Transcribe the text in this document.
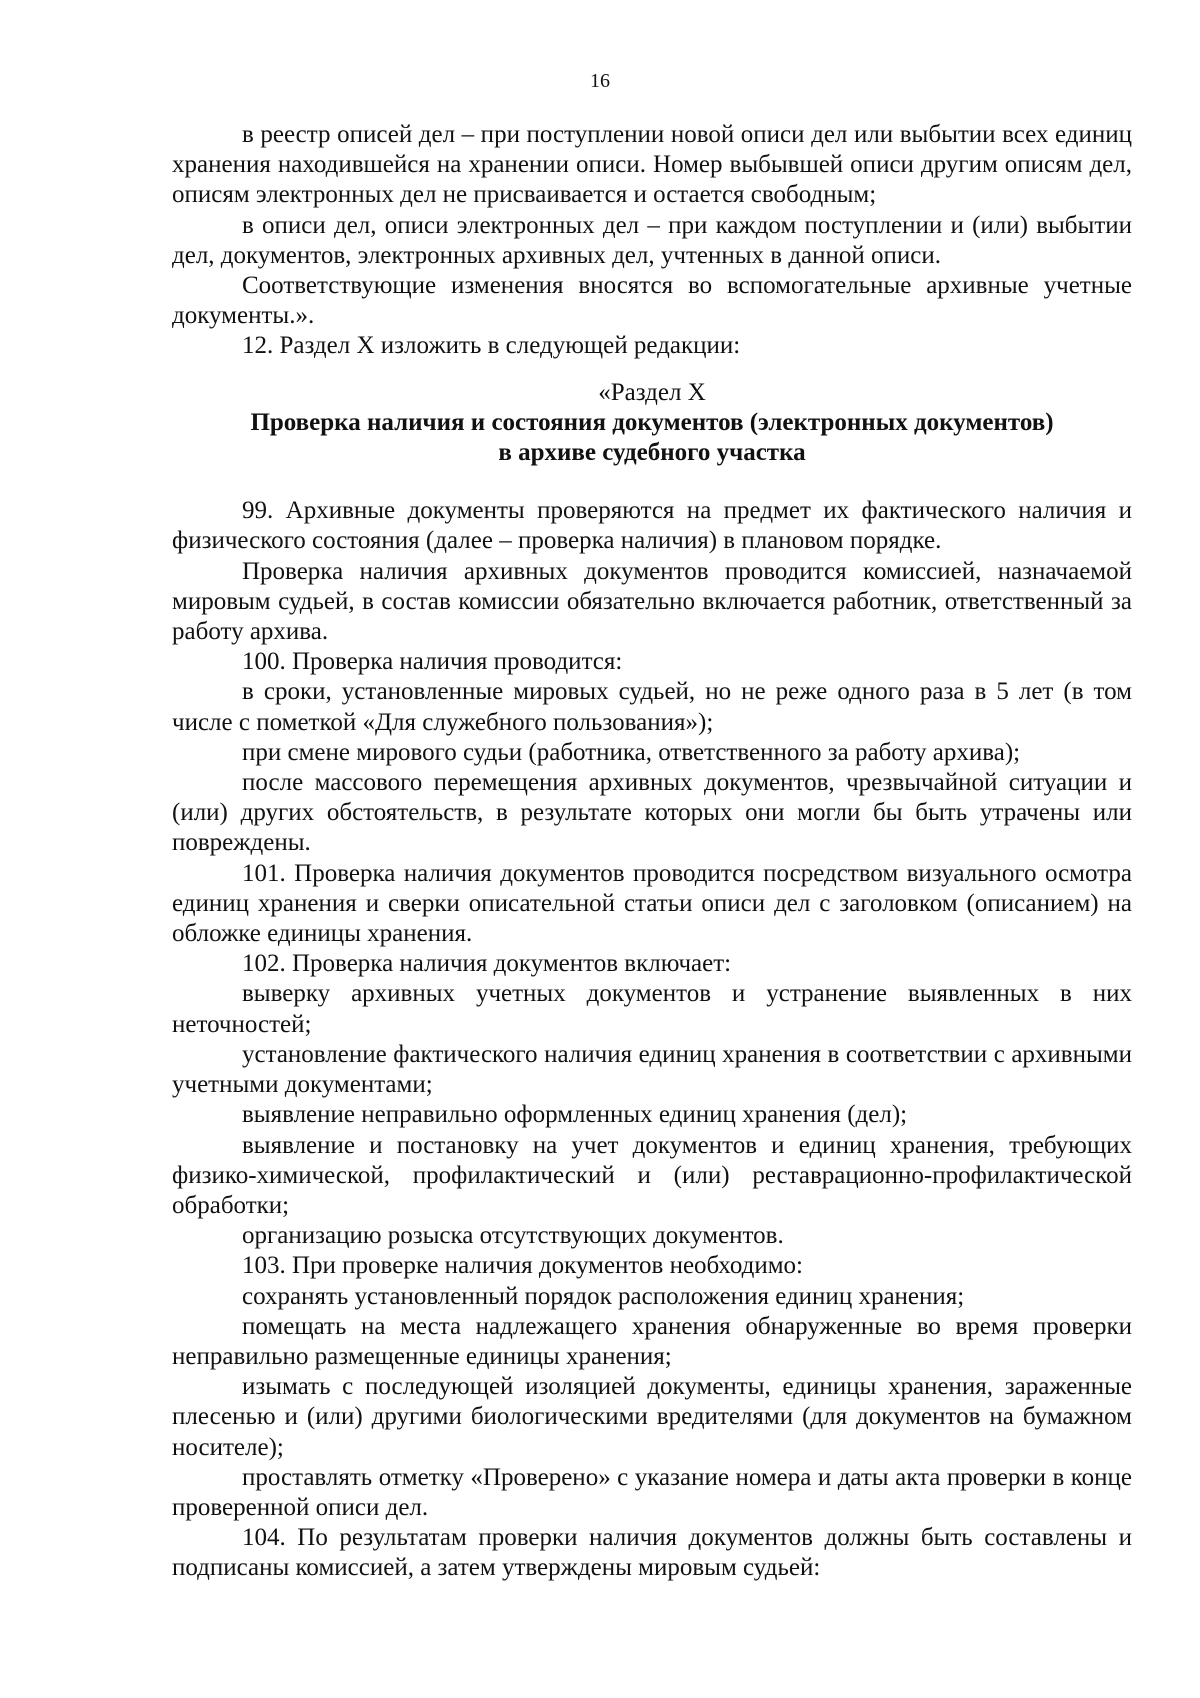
16

в реестр описей дел – при поступлении новой описи дел или выбытии всех единиц хранения находившейся на хранении описи. Номер выбывшей описи другим описям дел, описям электронных дел не присваивается и остается свободным;

в описи дел, описи электронных дел – при каждом поступлении и (или) выбытии дел, документов, электронных архивных дел, учтенных в данной описи.

Соответствующие изменения вносятся во вспомогательные архивные учетные документы.».

12. Раздел X изложить в следующей редакции:

«Раздел X
Проверка наличия и состояния документов (электронных документов)
в архиве судебного участка

99. Архивные документы проверяются на предмет их фактического наличия и физического состояния (далее – проверка наличия) в плановом порядке.

Проверка наличия архивных документов проводится комиссией, назначаемой мировым судьей, в состав комиссии обязательно включается работник, ответственный за работу архива.

100. Проверка наличия проводится:

в сроки, установленные мировых судьей, но не реже одного раза в 5 лет (в том числе с пометкой «Для служебного пользования»);

при смене мирового судьи (работника, ответственного за работу архива);

после массового перемещения архивных документов, чрезвычайной ситуации и (или) других обстоятельств, в результате которых они могли бы быть утрачены или повреждены.

101. Проверка наличия документов проводится посредством визуального осмотра единиц хранения и сверки описательной статьи описи дел с заголовком (описанием) на обложке единицы хранения.

102. Проверка наличия документов включает:

выверку архивных учетных документов и устранение выявленных в них неточностей;

установление фактического наличия единиц хранения в соответствии с архивными учетными документами;

выявление неправильно оформленных единиц хранения (дел);

выявление и постановку на учет документов и единиц хранения, требующих физико-химической, профилактический и (или) реставрационно-профилактической обработки;

организацию розыска отсутствующих документов.

103. При проверке наличия документов необходимо:

сохранять установленный порядок расположения единиц хранения;

помещать на места надлежащего хранения обнаруженные во время проверки неправильно размещенные единицы хранения;

изымать с последующей изоляцией документы, единицы хранения, зараженные плесенью и (или) другими биологическими вредителями (для документов на бумажном носителе);

проставлять отметку «Проверено» с указание номера и даты акта проверки в конце проверенной описи дел.

104. По результатам проверки наличия документов должны быть составлены и подписаны комиссией, а затем утверждены мировым судьей:
